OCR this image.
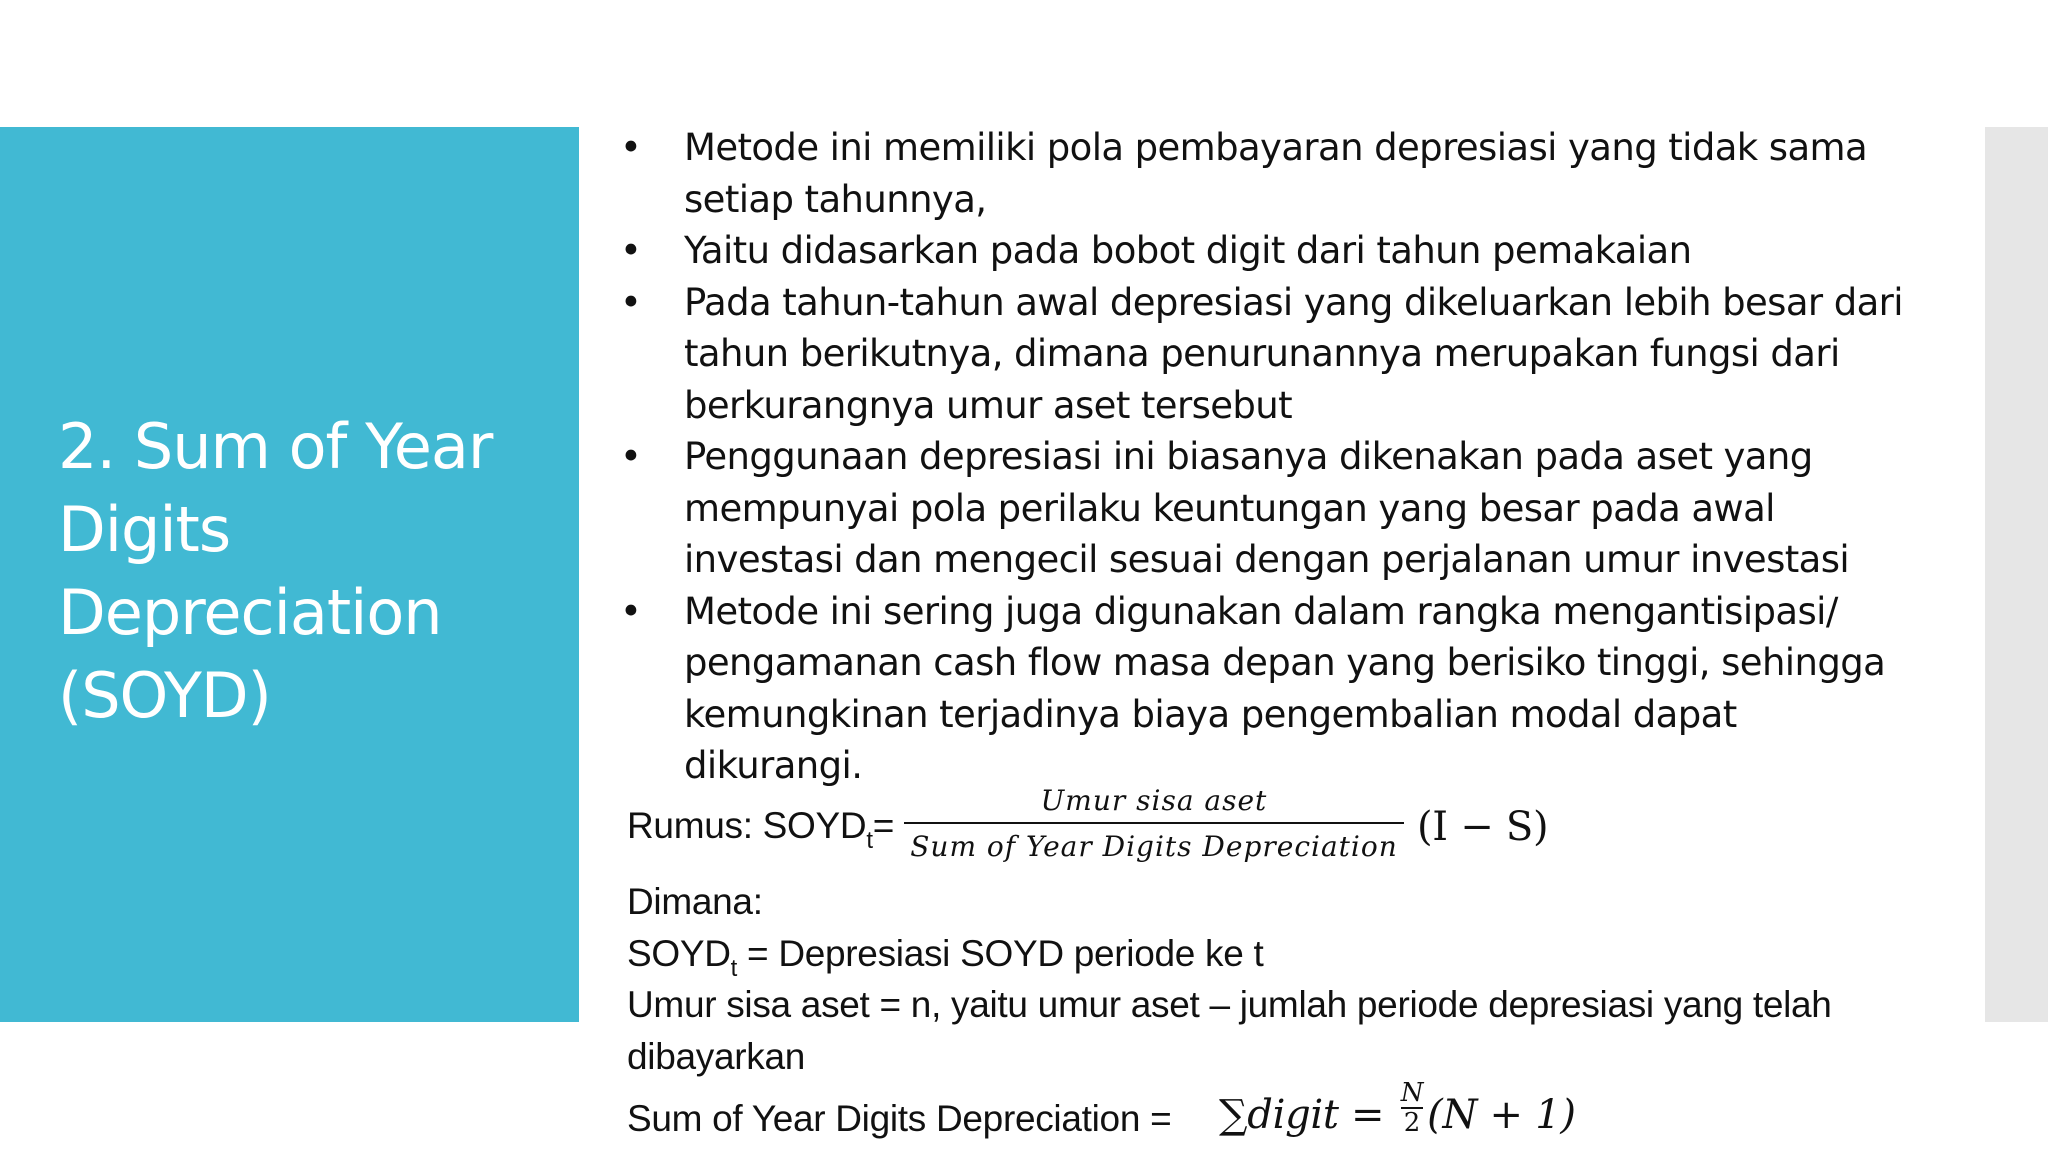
2. Sum of Year Digits Depreciation (SOYD)
• Metode ini memiliki pola pembayaran depresiasi yang tidak sama setiap tahunnya,
• Yaitu didasarkan pada bobot digit dari tahun pemakaian
• Pada tahun-tahun awal depresiasi yang dikeluarkan lebih besar dari tahun berikutnya, dimana penurunannya merupakan fungsi dari berkurangnya umur aset tersebut
• Penggunaan depresiasi ini biasanya dikenakan pada aset yang mempunyai pola perilaku keuntungan yang besar pada awal investasi dan mengecil sesuai dengan perjalanan umur investasi
• Metode ini sering juga digunakan dalam rangka mengantisipasi/ pengamanan cash flow masa depan yang berisiko tinggi, sehingga kemungkinan terjadinya biaya pengembalian modal dapat dikurangi.
Rumus: $SOYD_t=$
Umur sisa aset
Sum of Year Digits Depreciation (I − S)
Dimana:
$SOYD_t$ = Depresiasi SOYD periode ke t
Umur sisa aset = n, yaitu umur aset – jumlah periode depresiasi yang telah
dibayarkan
Sum of Year Digits Depreciation = ∑digit = $\frac{N}{2} (N + 1)$
